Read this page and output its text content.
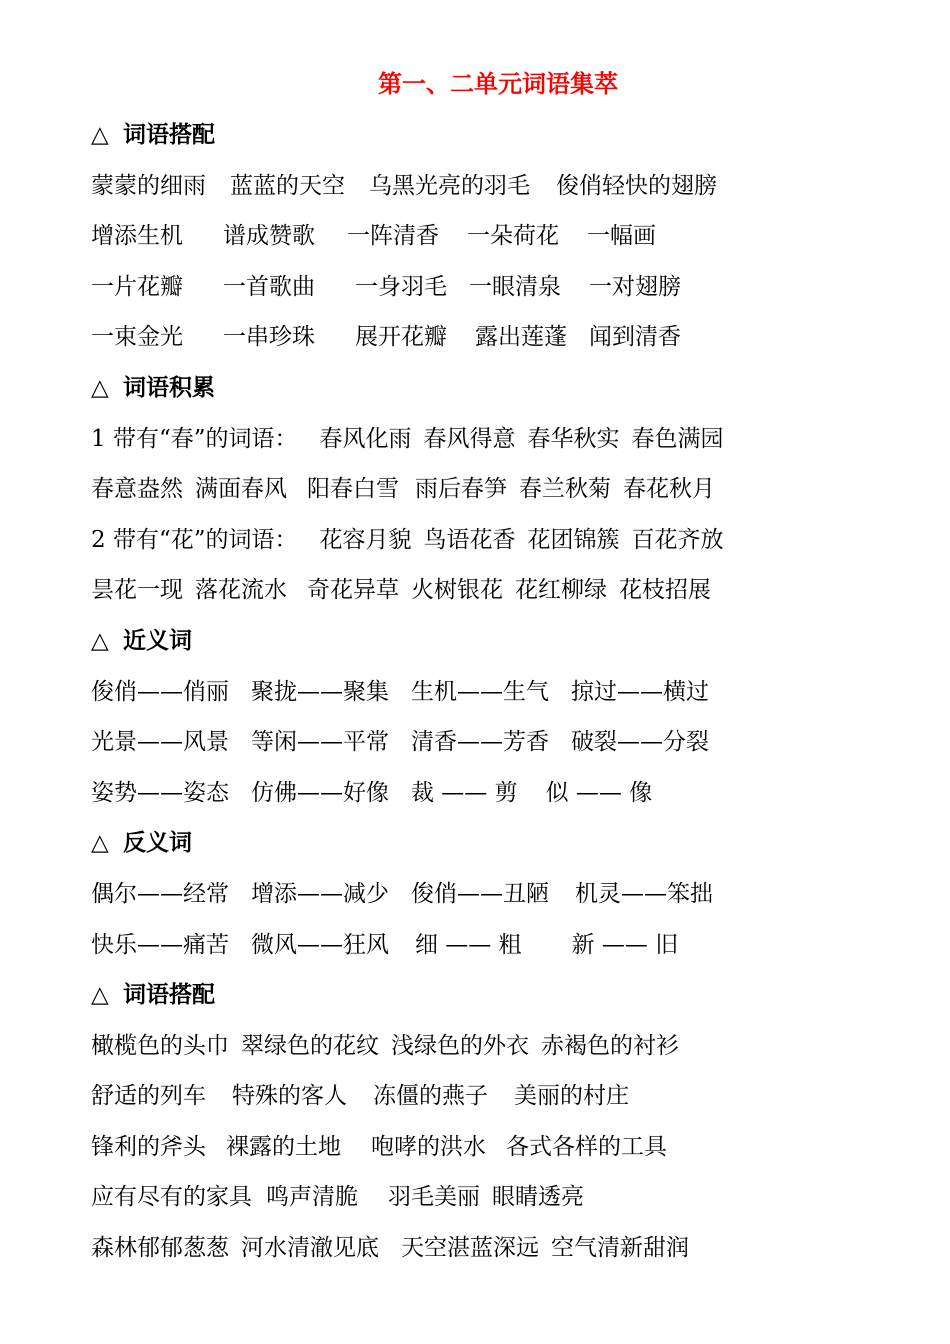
第一、二单元词语集萃
△ 词语搭配
蒙蒙的细雨 蓝蓝的天空 乌黑光亮的羽毛 俊俏轻快的翅膀
增添生机 谱成赞歌 一阵清香 一朵荷花 一幅画
一片花瓣 一首歌曲 一身羽毛 一眼清泉 一对翅膀
一束金光 一串珍珠 展开花瓣 露出莲蓬 闻到清香
△ 词语积累
1 带有“春”的词语： 春风化雨 春风得意 春华秋实 春色满园
春意盎然 满面春风 阳春白雪 雨后春笋 春兰秋菊 春花秋月
2 带有“花”的词语： 花容月貌 鸟语花香 花团锦簇 百花齐放
昙花一现 落花流水 奇花异草 火树银花 花红柳绿 花枝招展
△ 近义词
俊俏——俏丽 聚拢——聚集 生机——生气 掠过——横过
光景——风景 等闲——平常 清香——芳香 破裂——分裂
姿势——姿态 仿佛——好像 裁 —— 剪 似 —— 像
△ 反义词
偶尔——经常 增添——减少 俊俏——丑陋 机灵——笨拙
快乐——痛苦 微风——狂风 细 —— 粗 新 —— 旧
△ 词语搭配
橄榄色的头巾 翠绿色的花纹 浅绿色的外衣 赤褐色的衬衫
舒适的列车 特殊的客人 冻僵的燕子 美丽的村庄
锋利的斧头 裸露的土地 咆哮的洪水 各式各样的工具
应有尽有的家具 鸣声清脆 羽毛美丽 眼睛透亮
森林郁郁葱葱 河水清澈见底 天空湛蓝深远 空气清新甜润
